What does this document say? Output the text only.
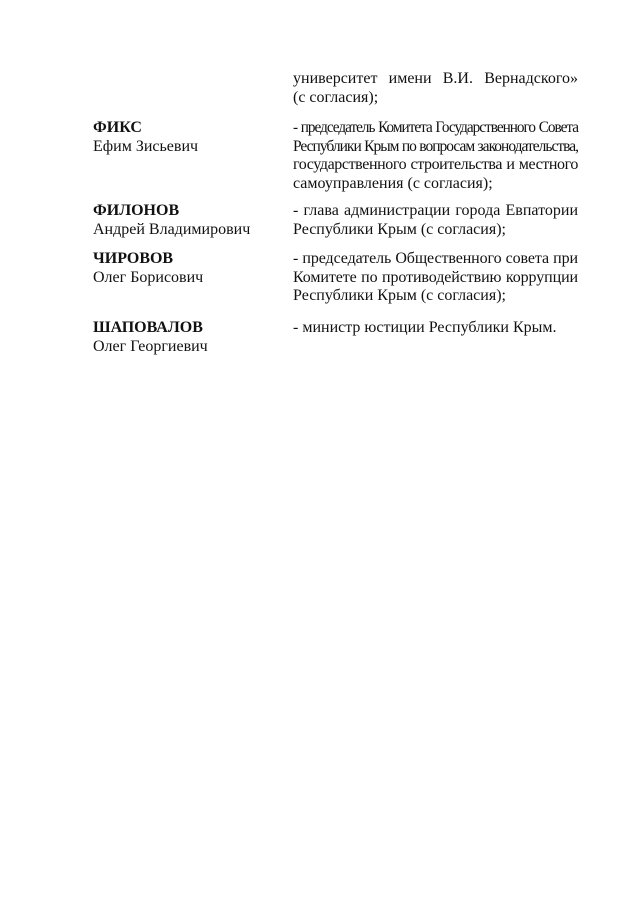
университет имени В.И. Вернадского»
(с согласия);
ФИКС
Ефим Зисьевич
- председатель Комитета Государственного Совета
Республики Крым по вопросам законодательства,
государственного строительства и местного
самоуправления (с согласия);
ФИЛОНОВ
Андрей Владимирович
- глава администрации города Евпатории
Республики Крым (с согласия);
ЧИРОВОВ
Олег Борисович
- председатель Общественного совета при
Комитете по противодействию коррупции
Республики Крым (с согласия);
ШАПОВАЛОВ
Олег Георгиевич
- министр юстиции Республики Крым.
